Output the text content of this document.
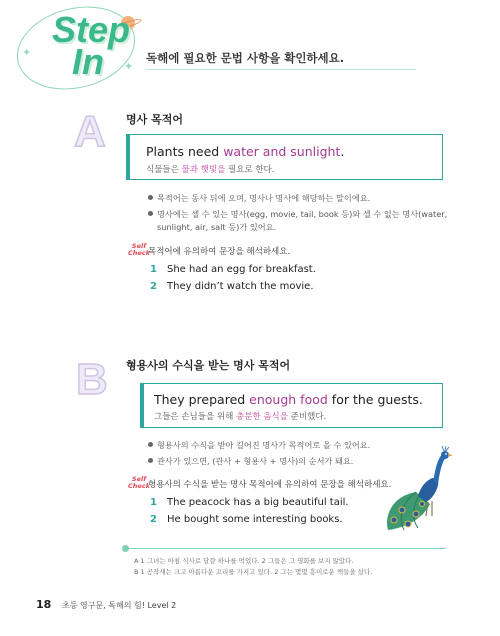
✦
✦
Step
In	독해에 필요한 문법 사항을 확인하세요.
A 명사 목적어
Plants need water and sunlight.
식물들은 물과 햇빛을 필요로 한다.
목적어는 동사 뒤에 오며, 명사나 명사에 해당하는 말이에요.
명사에는 셀 수 있는 명사(egg, movie, tail, book 등)와 셀 수 없는 명사(water,
sunlight, air, salt 등)가 있어요.
Self
Check
목적어에 유의하여 문장을 해석하세요.
1 She had an egg for breakfast.
2 They didn’t watch the movie.
B 형용사의 수식을 받는 명사 목적어
They prepared enough food for the guests.
그들은 손님들을 위해 충분한 음식을 준비했다.
형용사의 수식을 받아 길어진 명사가 목적어로 올 수 있어요.
관사가 있으면, (관사 + 형용사 + 명사)의 순서가 돼요.
Self
Check
형용사의 수식을 받는 명사 목적어에 유의하여 문장을 해석하세요.
1 The peacock has a big beautiful tail.
2 He bought some interesting books.
A 1 그녀는 아침 식사로 달걀 하나를 먹었다. 2 그들은 그 영화를 보지 않았다.
B 1 공작새는 크고 아름다운 꼬리를 가지고 있다. 2 그는 몇몇 흥미로운 책들을 샀다.
18 초등 영구문, 독해의 힘! Level 2
